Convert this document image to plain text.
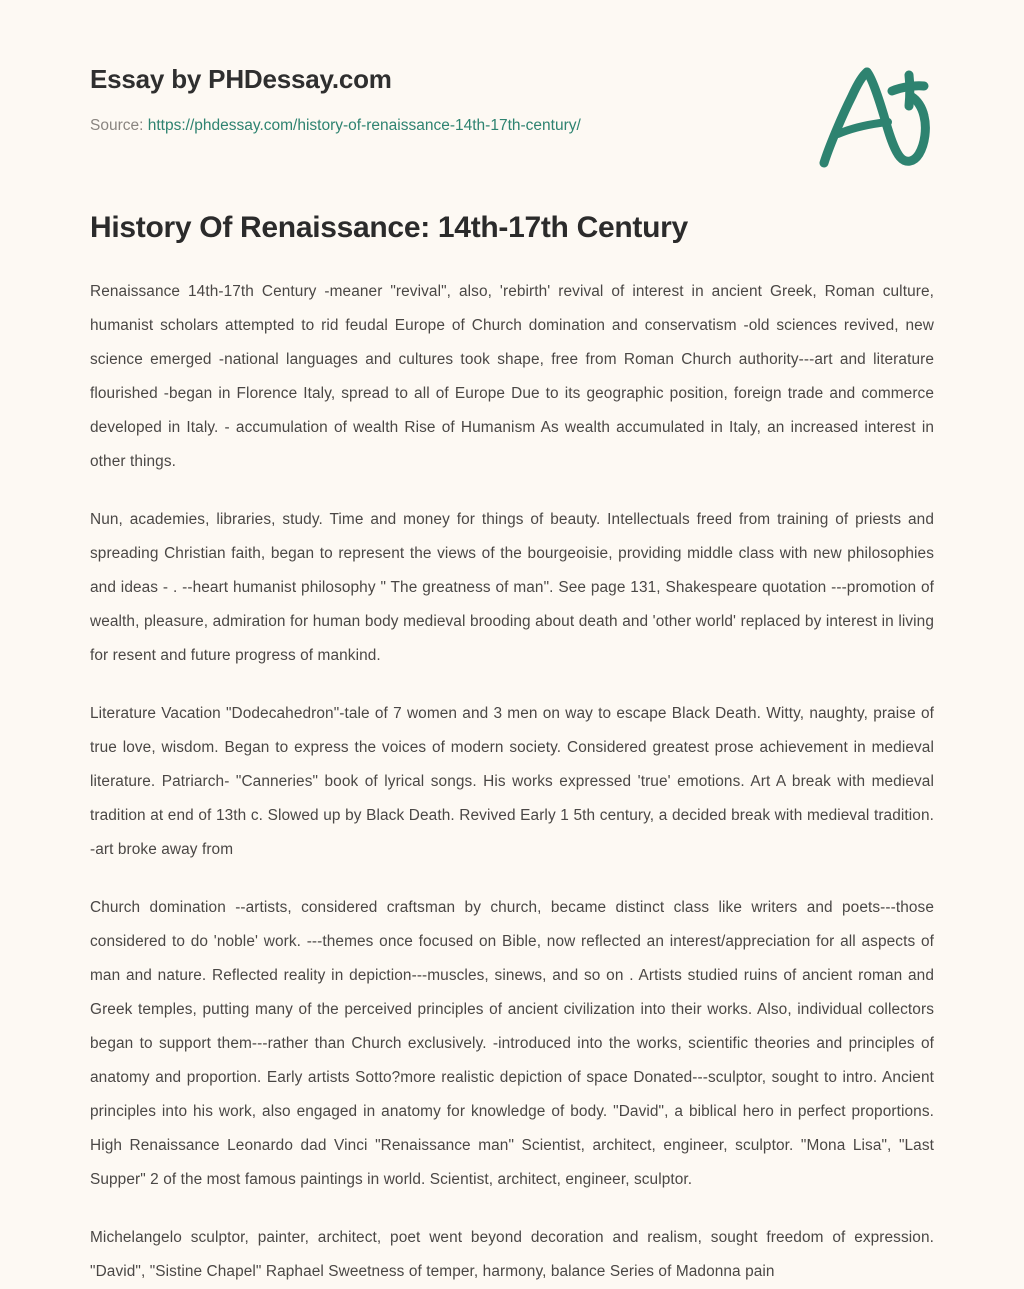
Essay by PHDessay.com
Source: https://phdessay.com/history-of-renaissance-14th-17th-century/
History Of Renaissance: 14th-17th Century

Renaissance 14th-17th Century -meaner "revival", also, 'rebirth' revival of interest in ancient Greek, Roman culture, humanist scholars attempted to rid feudal Europe of Church domination and conservatism -old sciences revived, new science emerged -national languages and cultures took shape, free from Roman Church authority---art and literature flourished -began in Florence Italy, spread to all of Europe Due to its geographic position, foreign trade and commerce developed in Italy. - accumulation of wealth Rise of Humanism As wealth accumulated in Italy, an increased interest in other things.

Nun, academies, libraries, study. Time and money for things of beauty. Intellectuals freed from training of priests and spreading Christian faith, began to represent the views of the bourgeoisie, providing middle class with new philosophies and ideas - . --heart humanist philosophy " The greatness of man". See page 131, Shakespeare quotation ---promotion of wealth, pleasure, admiration for human body medieval brooding about death and 'other world' replaced by interest in living for resent and future progress of mankind.

Literature Vacation "Dodecahedron"-tale of 7 women and 3 men on way to escape Black Death. Witty, naughty, praise of true love, wisdom. Began to express the voices of modern society. Considered greatest prose achievement in medieval literature. Patriarch- "Canneries" book of lyrical songs. His works expressed 'true' emotions. Art A break with medieval tradition at end of 13th c. Slowed up by Black Death. Revived Early 1 5th century, a decided break with medieval tradition. -art broke away from

Church domination --artists, considered craftsman by church, became distinct class like writers and poets---those considered to do 'noble' work. ---themes once focused on Bible, now reflected an interest/appreciation for all aspects of man and nature. Reflected reality in depiction---muscles, sinews, and so on . Artists studied ruins of ancient roman and Greek temples, putting many of the perceived principles of ancient civilization into their works. Also, individual collectors began to support them---rather than Church exclusively. -introduced into the works, scientific theories and principles of anatomy and proportion. Early artists Sotto?more realistic depiction of space Donated---sculptor, sought to intro. Ancient principles into his work, also engaged in anatomy for knowledge of body. "David", a biblical hero in perfect proportions. High Renaissance Leonardo dad Vinci "Renaissance man" Scientist, architect, engineer, sculptor. "Mona Lisa", "Last Supper" 2 of the most famous paintings in world. Scientist, architect, engineer, sculptor.

Michelangelo sculptor, painter, architect, poet went beyond decoration and realism, sought freedom of expression. "David", "Sistine Chapel" Raphael Sweetness of temper, harmony, balance Series of Madonna pain
